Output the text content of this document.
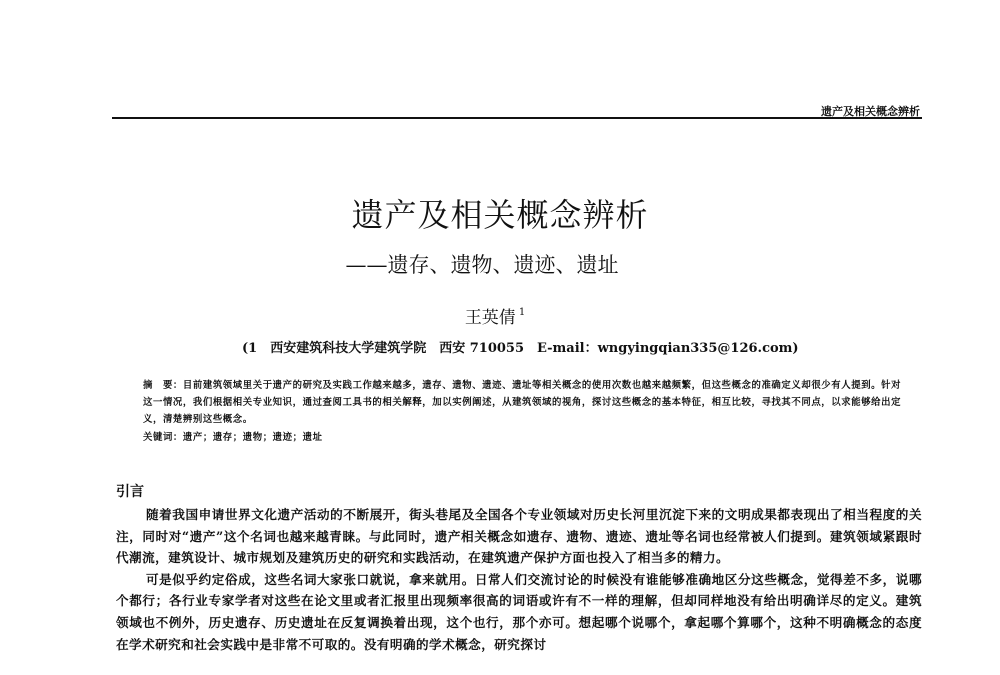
遗产及相关概念辨析
遗产及相关概念辨析
——遗存、遗物、遗迹、遗址
王英倩 $^1$
(1　西安建筑科技大学建筑学院　西安 710055　E-mail：wngyingqian335@126.com)

摘　要：目前建筑领域里关于遗产的研究及实践工作越来越多，遗存、遗物、遗迹、遗址等相关概念的使用次数也越来越频繁，但这些概念的准确定义却很少有人提到。针对这一情况，我们根据相关专业知识，通过查阅工具书的相关解释，加以实例阐述，从建筑领域的视角，探讨这些概念的基本特征，相互比较，寻找其不同点，以求能够给出定义，清楚辨别这些概念。

关键词：遗产；遗存；遗物；遗迹；遗址

引言

随着我国申请世界文化遗产活动的不断展开，街头巷尾及全国各个专业领域对历史长河里沉淀下来的文明成果都表现出了相当程度的关注，同时对“遗产”这个名词也越来越青睐。与此同时，遗产相关概念如遗存、遗物、遗迹、遗址等名词也经常被人们提到。建筑领域紧跟时代潮流，建筑设计、城市规划及建筑历史的研究和实践活动，在建筑遗产保护方面也投入了相当多的精力。

可是似乎约定俗成，这些名词大家张口就说，拿来就用。日常人们交流讨论的时候没有谁能够准确地区分这些概念，觉得差不多，说哪个都行；各行业专家学者对这些在论文里或者汇报里出现频率很高的词语或许有不一样的理解，但却同样地没有给出明确详尽的定义。建筑领域也不例外，历史遗存、历史遗址在反复调换着出现，这个也行，那个亦可。想起哪个说哪个，拿起哪个算哪个，这种不明确概念的态度在学术研究和社会实践中是非常不可取的。没有明确的学术概念，研究探讨
